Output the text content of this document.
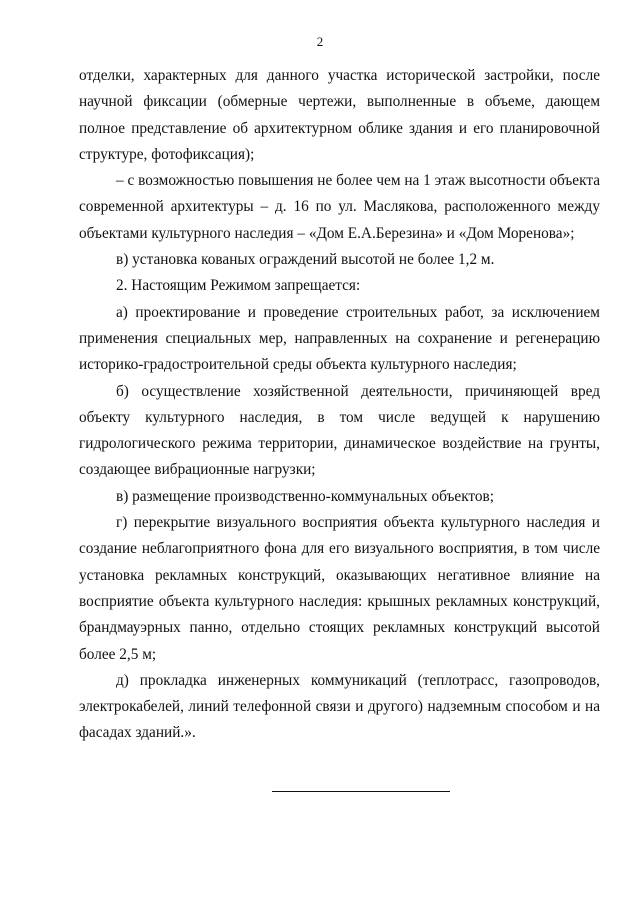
2

отделки, характерных для данного участка исторической застройки, после научной фиксации (обмерные чертежи, выполненные в объеме, дающем полное представление об архитектурном облике здания и его планировочной структуре, фотофиксация);

– с возможностью повышения не более чем на 1 этаж высотности объекта современной архитектуры – д. 16 по ул. Маслякова, расположенного между объектами культурного наследия – «Дом Е.А.Березина» и «Дом Моренова»;

в) установка кованых ограждений высотой не более 1,2 м.

2. Настоящим Режимом запрещается:

а) проектирование и проведение строительных работ, за исключением применения специальных мер, направленных на сохранение и регенерацию историко-градостроительной среды объекта культурного наследия;

б) осуществление хозяйственной деятельности, причиняющей вред объекту культурного наследия, в том числе ведущей к нарушению гидрологического режима территории, динамическое воздействие на грунты, создающее вибрационные нагрузки;

в) размещение производственно-коммунальных объектов;

г) перекрытие визуального восприятия объекта культурного наследия и создание неблагоприятного фона для его визуального восприятия, в том числе установка рекламных конструкций, оказывающих негативное влияние на восприятие объекта культурного наследия: крышных рекламных конструкций, брандмауэрных панно, отдельно стоящих рекламных конструкций высотой более 2,5 м;

д) прокладка инженерных коммуникаций (теплотрасс, газопроводов, электрокабелей, линий телефонной связи и другого) надземным способом и на фасадах зданий.».
